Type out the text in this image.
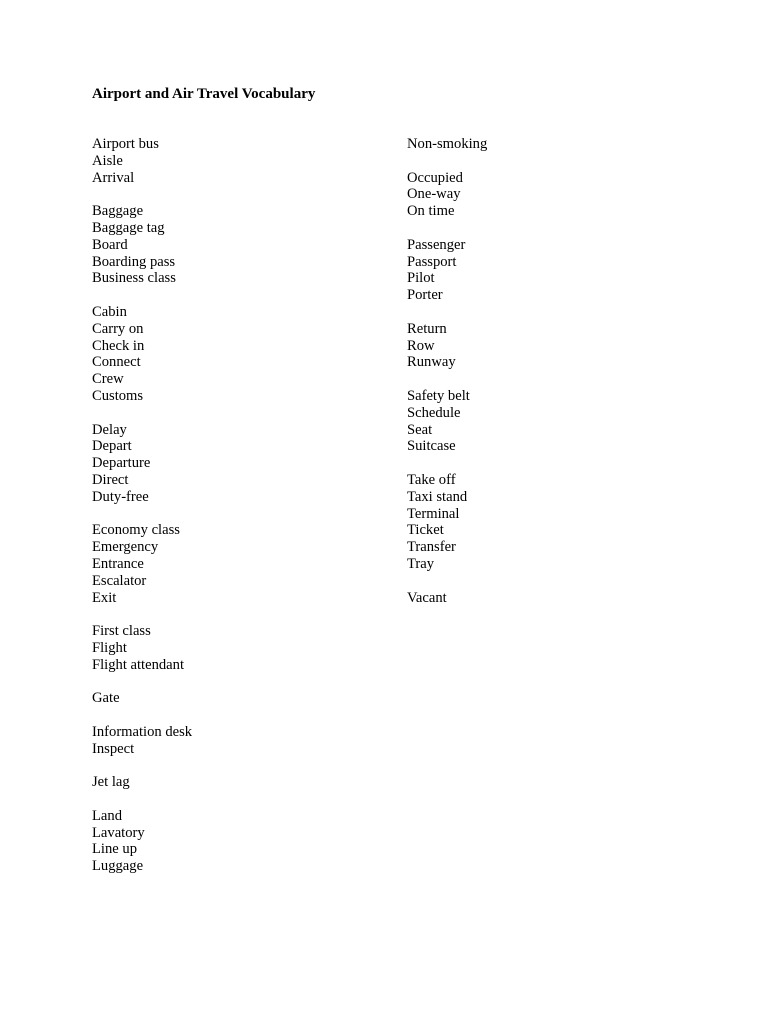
Airport and Air Travel Vocabulary
Airport bus
Aisle
Arrival
Baggage
Baggage tag
Board
Boarding pass
Business class
Cabin
Carry on
Check in
Connect
Crew
Customs
Delay
Depart
Departure
Direct
Duty-free
Economy class
Emergency
Entrance
Escalator
Exit
First class
Flight
Flight attendant
Gate
Information desk
Inspect
Jet lag
Land
Lavatory
Line up
Luggage
Non-smoking
Occupied
One-way
On time
Passenger
Passport
Pilot
Porter
Return
Row
Runway
Safety belt
Schedule
Seat
Suitcase
Take off
Taxi stand
Terminal
Ticket
Transfer
Tray
Vacant
